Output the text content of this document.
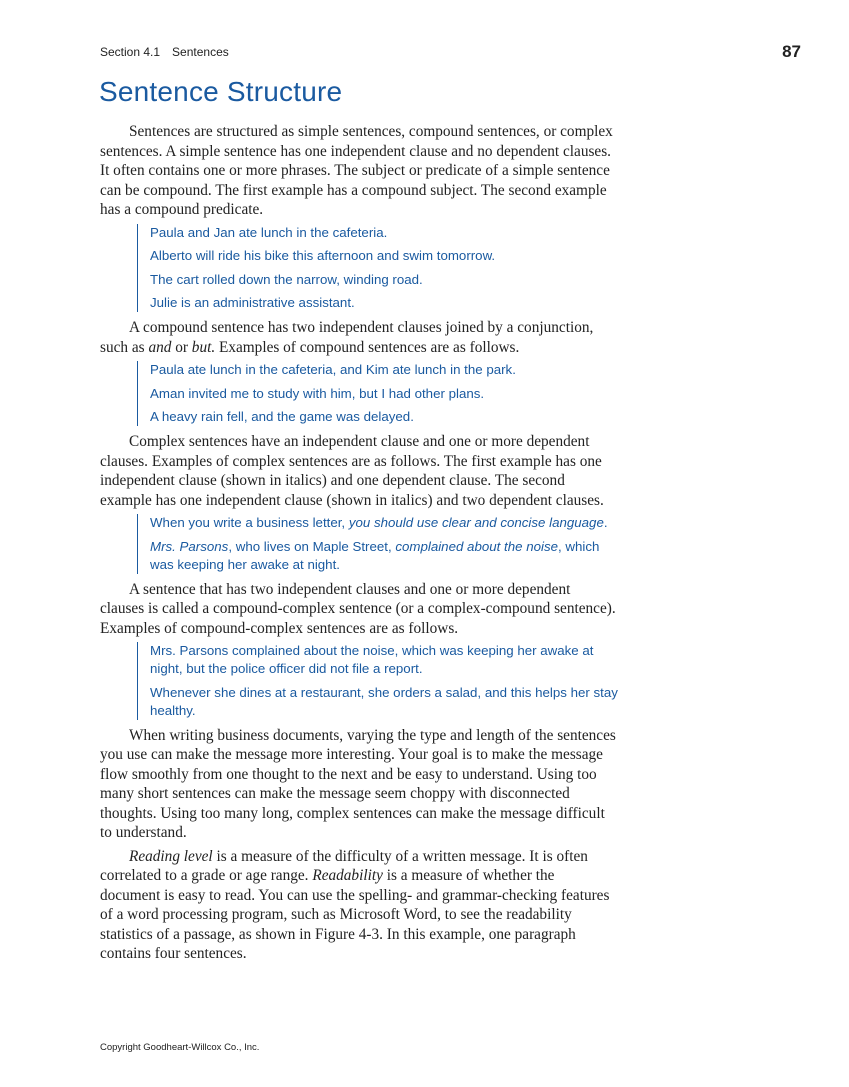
Section 4.1 Sentences	87
Sentence Structure

Sentences are structured as simple sentences, compound sentences, or complex sentences. A simple sentence has one independent clause and no dependent clauses. It often contains one or more phrases. The subject or predicate of a simple sentence can be compound. The first example has a compound subject. The second example has a compound predicate.

Paula and Jan ate lunch in the cafeteria.
Alberto will ride his bike this afternoon and swim tomorrow.
The cart rolled down the narrow, winding road.
Julie is an administrative assistant.

A compound sentence has two independent clauses joined by a conjunction, such as and or but. Examples of compound sentences are as follows.

Paula ate lunch in the cafeteria, and Kim ate lunch in the park.
Aman invited me to study with him, but I had other plans.
A heavy rain fell, and the game was delayed.

Complex sentences have an independent clause and one or more dependent clauses. Examples of complex sentences are as follows. The first example has one independent clause (shown in italics) and one dependent clause. The second example has one independent clause (shown in italics) and two dependent clauses.

When you write a business letter, you should use clear and concise language.
Mrs. Parsons, who lives on Maple Street, complained about the noise, which was keeping her awake at night.

A sentence that has two independent clauses and one or more dependent clauses is called a compound-complex sentence (or a complex-compound sentence). Examples of compound-complex sentences are as follows.

Mrs. Parsons complained about the noise, which was keeping her awake at night, but the police officer did not file a report.
Whenever she dines at a restaurant, she orders a salad, and this helps her stay healthy.

When writing business documents, varying the type and length of the sentences you use can make the message more interesting. Your goal is to make the message flow smoothly from one thought to the next and be easy to understand. Using too many short sentences can make the message seem choppy with disconnected thoughts. Using too many long, complex sentences can make the message difficult to understand.

Reading level is a measure of the difficulty of a written message. It is often correlated to a grade or age range. Readability is a measure of whether the document is easy to read. You can use the spelling- and grammar-checking features of a word processing program, such as Microsoft Word, to see the readability statistics of a passage, as shown in Figure 4-3. In this example, one paragraph contains four sentences.

Copyright Goodheart-Willcox Co., Inc.
